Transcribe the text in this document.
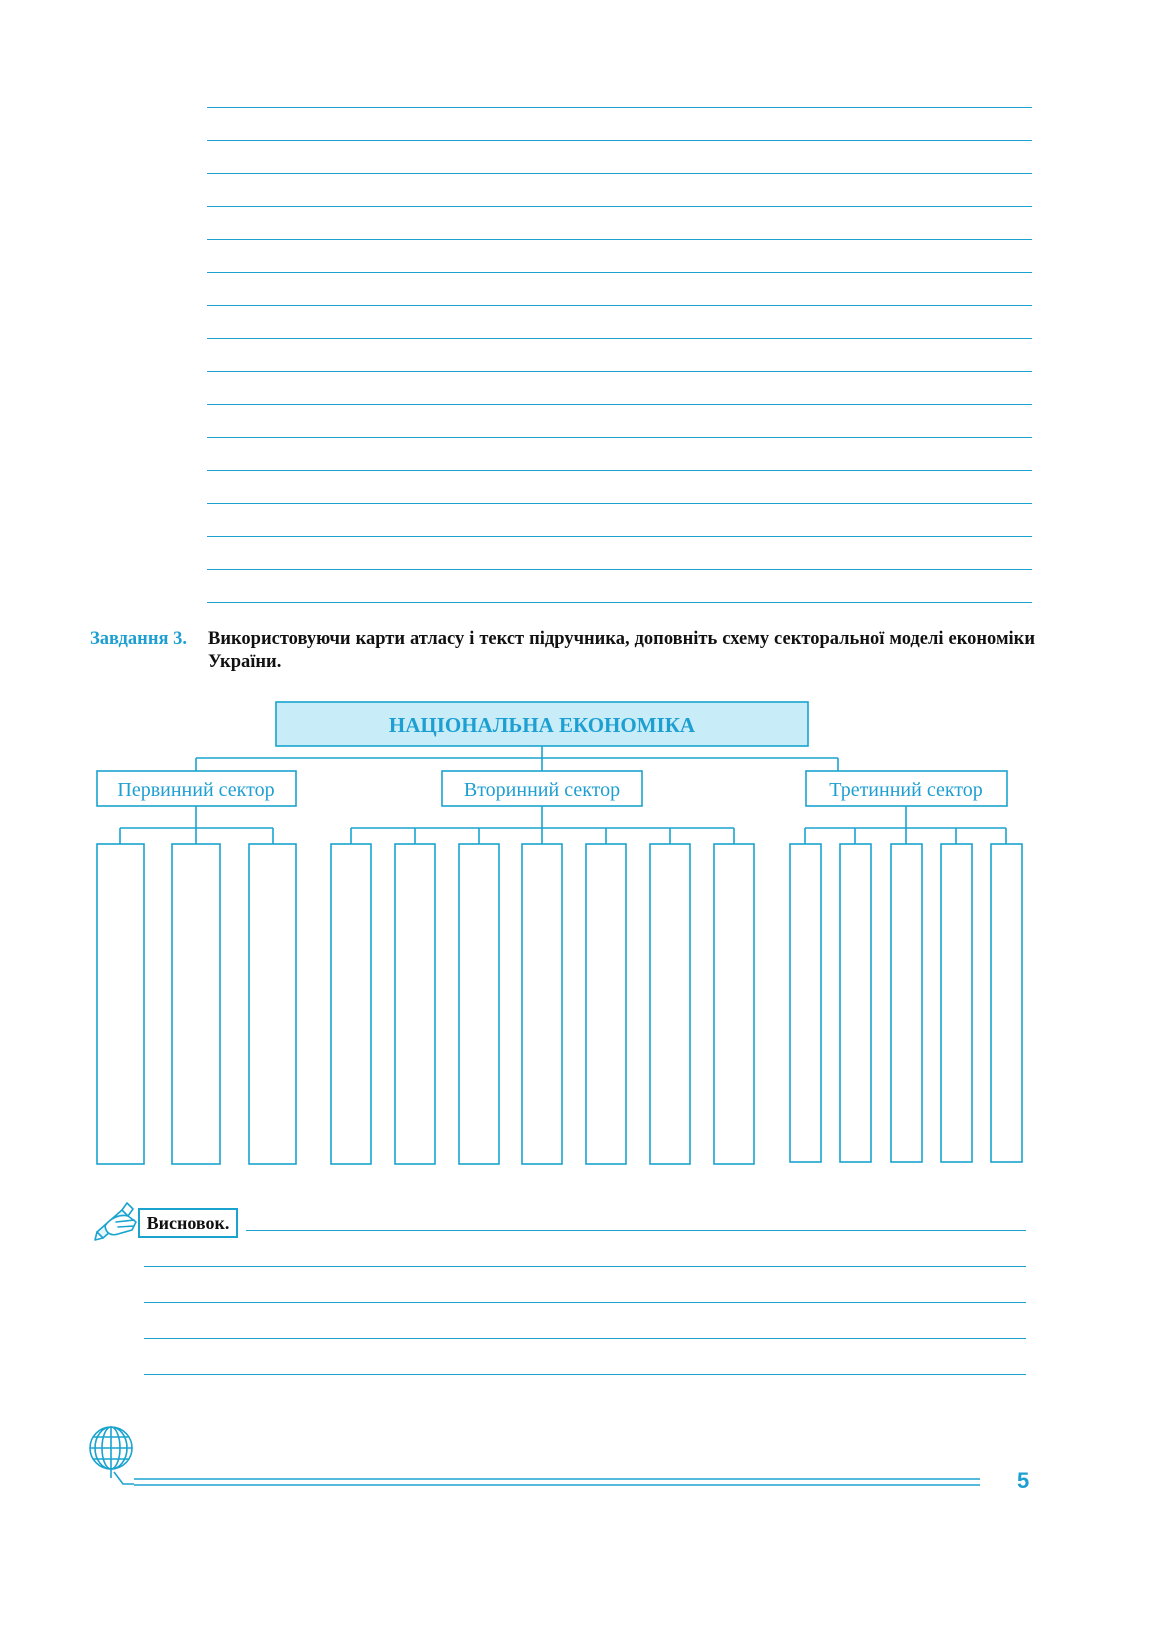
Завдання 3. Використовуючи карти атласу і текст підручника, доповніть схему секторальної моделі економіки України.
НАЦІОНАЛЬНА ЕКОНОМІКА
Первинний сектор	Вторинний сектор	Третинний сектор
Висновок.
5
